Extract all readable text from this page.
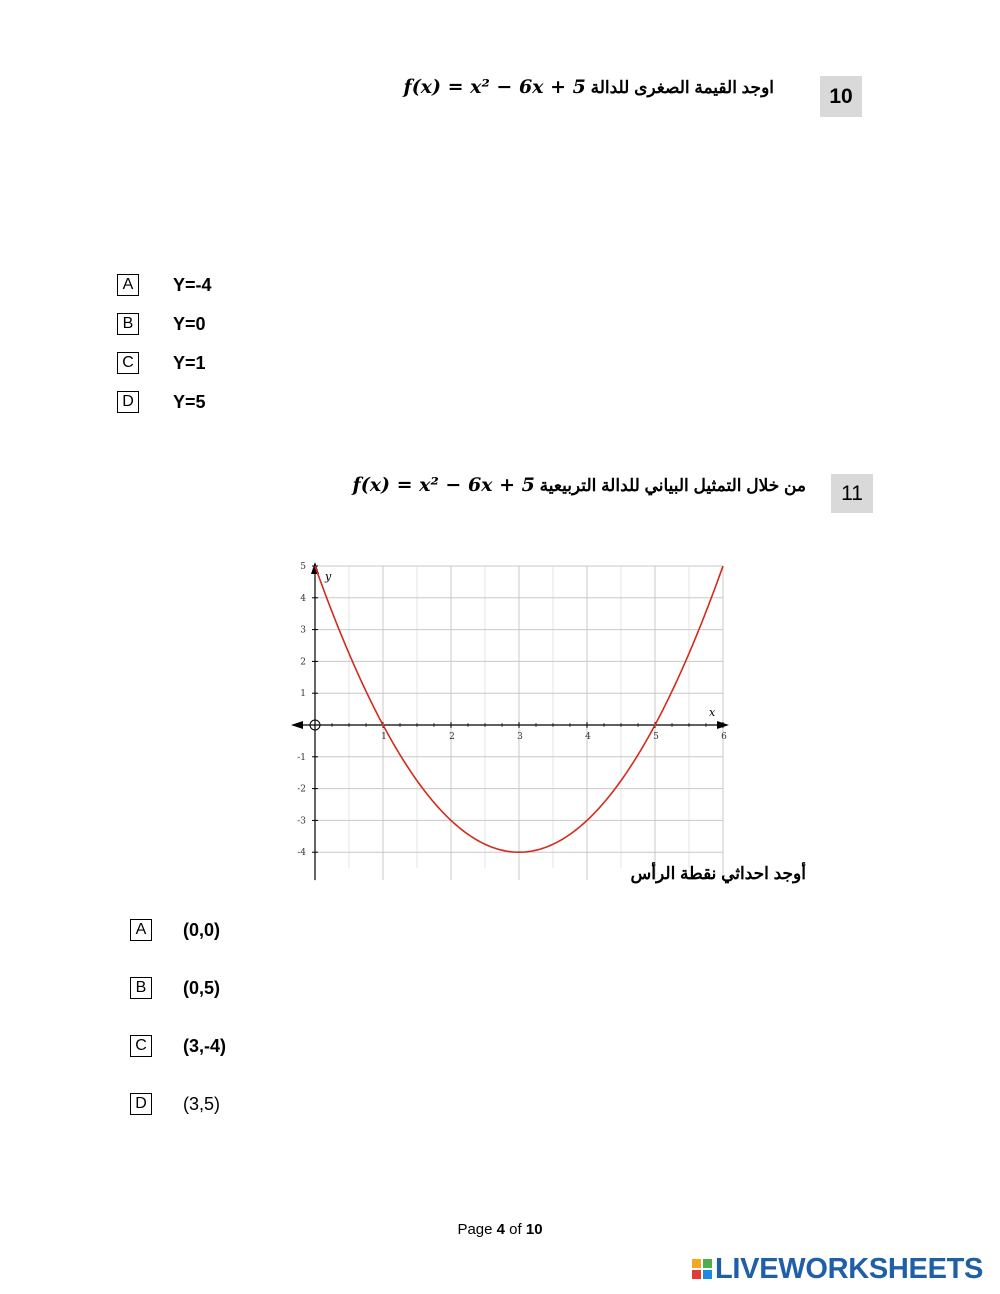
10
اوجد القيمة الصغرى للدالة f(x) = x² − 6x + 5
A	Y=-4
B	Y=0
C Y=1
D Y=5
11
من خلال التمثيل البياني للدالة التربيعية f(x) = x² − 6x + 5
x
y
1	2	3	4	5	6
5
4
3
2
1
-1
-2
-3
-4
أوجد احداثي نقطة الرأس
A	(0,0)
B	(0,5)
C (3,-4)
D (3,5)
Page 4 of 10
LIVEWORKSHEETS
